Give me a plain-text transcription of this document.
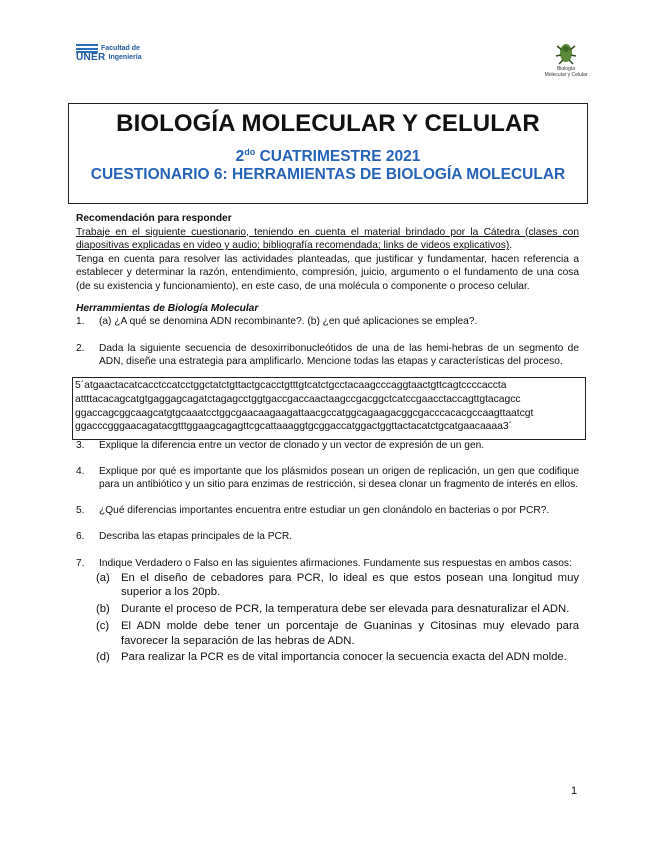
Facultad de
UNER Ingeniería
Biología
Molecular y Celular
BIOLOGÍA MOLECULAR Y CELULAR
$2^{do}$ CUATRIMESTRE 2021
CUESTIONARIO 6: HERRAMIENTAS DE BIOLOGÍA MOLECULAR
Recomendación para responder
Trabaje en el siguiente cuestionario, teniendo en cuenta el material brindado por la Cátedra (clases con diapositivas explicadas en video y audio; bibliografía recomendada; links de videos explicativos).
Tenga en cuenta para resolver las actividades planteadas, que justificar y fundamentar, hacen referencia a establecer y determinar la razón, entendimiento, compresión, juicio, argumento o el fundamento de una cosa (de su existencia y funcionamiento), en este caso, de una molécula o componente o proceso celular.
Herrammientas de Biología Molecular
1.	(a) ¿A qué se denomina ADN recombinante?. (b) ¿en qué aplicaciones se emplea?.
2.	Dada la siguiente secuencia de desoxirribonucleótidos de una de las hemi-hebras de un segmento de ADN, diseñe una estrategia para amplificarlo. Mencione todas las etapas y características del proceso.
3.	Explique la diferencia entre un vector de clonado y un vector de expresión de un gen.
4.	Explique por qué es importante que los plásmidos posean un origen de replicación, un gen que codifique para un antibiótico y un sitio para enzimas de restricción, si desea clonar un fragmento de interés en ellos.
5.	¿Qué diferencias importantes encuentra entre estudiar un gen clonándolo en bacterias o por PCR?.
6.	Describa las etapas principales de la PCR.
7.	Indique Verdadero o Falso en las siguientes afirmaciones. Fundamente sus respuestas en ambos casos:
(a) En el diseño de cebadores para PCR, lo ideal es que estos posean una longitud muy superior a los 20pb.
(b) Durante el proceso de PCR, la temperatura debe ser elevada para desnaturalizar el ADN.
(c)	El ADN molde debe tener un porcentaje de Guaninas y Citosinas muy elevado para favorecer la separación de las hebras de ADN.
(d) Para realizar la PCR es de vital importancia conocer la secuencia exacta del ADN molde.
5´atgaactacatcacctccatcctggctatctgttactgcacctgtttgtcatctgcctacaagcccaggtaactgttcagtccccaccta
attttacacagcatgtgaggagcagatctagagcctggtgaccgaccaactaagccgacggctcatccgaacctaccagttgtacagcc
ggaccagcggcaagcatgtgcaaatcctggcgaacaagaagattaacgccatggcagaagacggcgacccacacgccaagttaatcgt
ggacccgggaacagatacgtttggaagcagagttcgcattaaaggtgcggaccatggactggttactacatctgcatgaacaaaa3´
1
